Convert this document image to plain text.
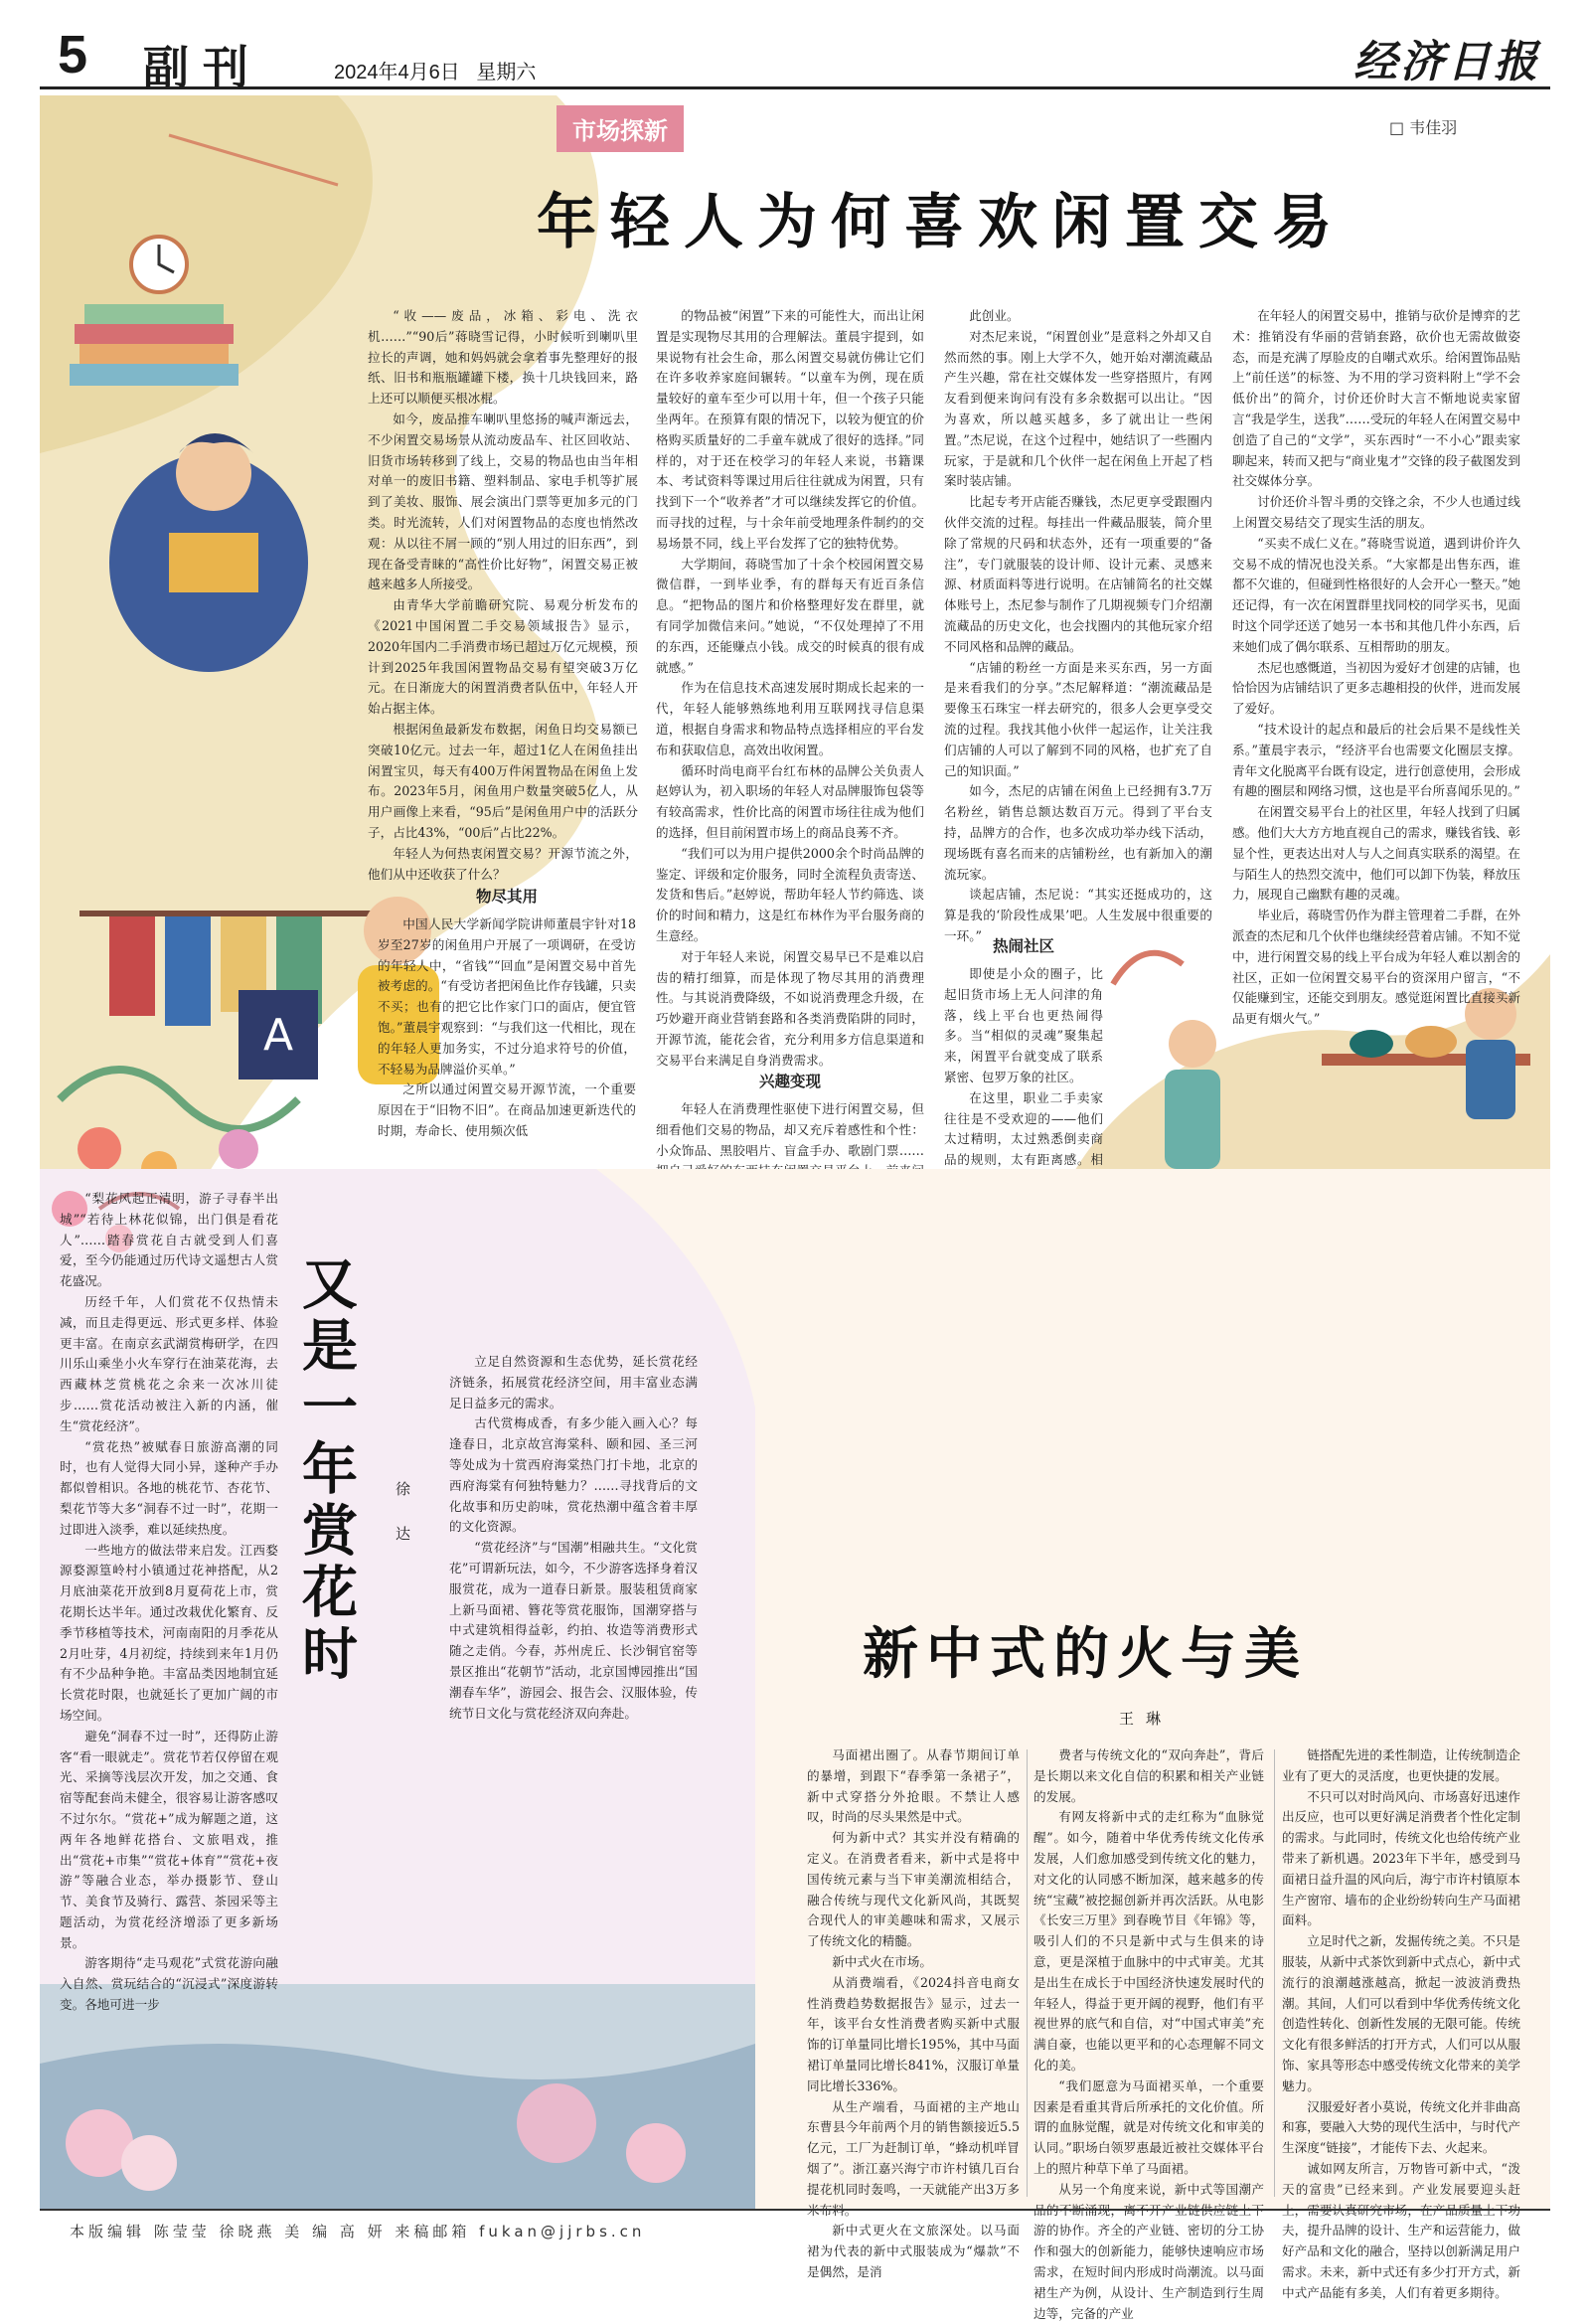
5 副刊	2024年4月6日 星期六	经济日报
A
市场探新	□ 韦佳羽
年轻人为何喜欢闲置交易

“收——废品，冰箱、彩电、洗衣机……”“90后”蒋晓雪记得，小时候听到喇叭里拉长的声调，她和妈妈就会拿着事先整理好的报纸、旧书和瓶瓶罐罐下楼，换十几块钱回来，路上还可以顺便买根冰棍。

如今，废品推车喇叭里悠扬的喊声渐远去，不少闲置交易场景从流动废品车、社区回收站、旧货市场转移到了线上，交易的物品也由当年相对单一的废旧书籍、塑料制品、家电手机等扩展到了美妆、服饰、展会演出门票等更加多元的门类。时光流转，人们对闲置物品的态度也悄然改观：从以往不屑一顾的“别人用过的旧东西”，到现在备受青睐的“高性价比好物”，闲置交易正被越来越多人所接受。

由青华大学前瞻研究院、易观分析发布的《2021中国闲置二手交易领域报告》显示，2020年国内二手消费市场已超过万亿元规模，预计到2025年我国闲置物品交易有望突破3万亿元。在日渐庞大的闲置消费者队伍中，年轻人开始占据主体。

根据闲鱼最新发布数据，闲鱼日均交易额已突破10亿元。过去一年，超过1亿人在闲鱼挂出闲置宝贝，每天有400万件闲置物品在闲鱼上发布。2023年5月，闲鱼用户数量突破5亿人，从用户画像上来看，“95后”是闲鱼用户中的活跃分子，占比43%，“00后”占比22%。

年轻人为何热衷闲置交易？开源节流之外，他们从中还收获了什么？

物尽其用

中国人民大学新闻学院讲师董晨宇针对18岁至27岁的闲鱼用户开展了一项调研，在受访的年轻人中，“省钱”“回血”是闲置交易中首先被考虑的。“有受访者把闲鱼比作存钱罐，只卖不买；也有的把它比作家门口的面店，便宜管饱。”董晨宇观察到：“与我们这一代相比，现在的年轻人更加务实，不过分追求符号的价值，不轻易为品牌溢价买单。”

之所以通过闲置交易开源节流，一个重要原因在于“旧物不旧”。在商品加速更新迭代的时期，寿命长、使用频次低

的物品被“闲置”下来的可能性大，而出让闲置是实现物尽其用的合理解法。董晨宇提到，如果说物有社会生命，那么闲置交易就仿佛让它们在许多收养家庭间辗转。“以童车为例，现在质量较好的童车至少可以用十年，但一个孩子只能坐两年。在预算有限的情况下，以较为便宜的价格购买质量好的二手童车就成了很好的选择。”同样的，对于还在校学习的年轻人来说，书籍课本、考试资料等课过用后往往就成为闲置，只有找到下一个“收养者”才可以继续发挥它的价值。而寻找的过程，与十余年前受地理条件制约的交易场景不同，线上平台发挥了它的独特优势。

大学期间，蒋晓雪加了十余个校园闲置交易微信群，一到毕业季，有的群每天有近百条信息。“把物品的图片和价格整理好发在群里，就有同学加微信来问。”她说，“不仅处理掉了不用的东西，还能赚点小钱。成交的时候真的很有成就感。”

作为在信息技术高速发展时期成长起来的一代，年轻人能够熟练地利用互联网找寻信息渠道，根据自身需求和物品特点选择相应的平台发布和获取信息，高效出收闲置。

循环时尚电商平台红布林的品牌公关负责人赵婷认为，初入职场的年轻人对品牌服饰包袋等有较高需求，性价比高的闲置市场往往成为他们的选择，但目前闲置市场上的商品良莠不齐。

“我们可以为用户提供2000余个时尚品牌的鉴定、评级和定价服务，同时全流程负责寄送、发货和售后。”赵婷说，帮助年轻人节约筛选、谈价的时间和精力，这是红布林作为平台服务商的生意经。

对于年轻人来说，闲置交易早已不是难以启齿的精打细算，而是体现了物尽其用的消费理性。与其说消费降级，不如说消费理念升级，在巧妙避开商业营销套路和各类消费陷阱的同时，开源节流，能花会省，充分利用多方信息渠道和交易平台来满足自身消费需求。

兴趣变现

年轻人在消费理性驱使下进行闲置交易，但细看他们交易的物品，却又充斥着感性和个性：小众饰品、黑胶唱片、盲盒手办、歌剧门票……

此创业。

对杰尼来说，“闲置创业”是意料之外却又自然而然的事。刚上大学不久，她开始对潮流藏品产生兴趣，常在社交媒体发一些穿搭照片，有网友看到便来询问有没有多余数据可以出让。“因为喜欢，所以越买越多，多了就出让一些闲置。”杰尼说，在这个过程中，她结识了一些圈内玩家，于是就和几个伙伴一起在闲鱼上开起了档案时装店铺。

比起专考开店能否赚钱，杰尼更享受跟圈内伙伴交流的过程。每挂出一件藏品服装，简介里除了常规的尺码和状态外，还有一项重要的“备注”，专门就服装的设计师、设计元素、灵感来源、材质面料等进行说明。在店铺简名的社交媒体账号上，杰尼参与制作了几期视频专门介绍潮流藏品的历史文化，也会找圈内的其他玩家介绍不同风格和品牌的藏品。

“店铺的粉丝一方面是来买东西，另一方面是来看我们的分享。”杰尼解释道：“潮流藏品是要像玉石珠宝一样去研究的，很多人会更享受交流的过程。我找其他小伙伴一起运作，让关注我们店铺的人可以了解到不同的风格，也扩充了自己的知识面。”

如今，杰尼的店铺在闲鱼上已经拥有3.7万名粉丝，销售总额达数百万元。得到了平台支持，品牌方的合作，也多次成功举办线下活动，现场既有喜名而来的店铺粉丝，也有新加入的潮流玩家。

谈起店铺，杰尼说：“其实还挺成功的，这算是我的‘阶段性成果’吧。人生发展中很重要的一环。”

热闹社区

即使是小众的圈子，比起旧货市场上无人问津的角落，线上平台也更热闹得多。当“相似的灵魂”聚集起来，闲置平台就变成了联系紧密、包罗万象的社区。

在这里，职业二手卖家往往是不受欢迎的——他们太过精明，太过熟悉倒卖商品的规则，太有距离感。相

在年轻人的闲置交易中，推销与砍价是博弈的艺术：推销没有华丽的营销套路，砍价也无需故做姿态，而是充满了厚脸皮的自嘲式欢乐。给闲置饰品贴上“前任送”的标签、为不用的学习资料附上“学不会低价出”的简介，讨价还价时大言不惭地说卖家留言“我是学生，送我”……受玩的年轻人在闲置交易中创造了自己的“文学”，买东西时“一不小心”跟卖家聊起来，转而又把与“商业鬼才”交锋的段子截图发到社交媒体分享。

讨价还价斗智斗勇的交锋之余，不少人也通过线上闲置交易结交了现实生活的朋友。

“买卖不成仁义在。”蒋晓雪说道，遇到讲价许久交易不成的情况也没关系。“大家都是出售东西，谁都不欠谁的，但碰到性格很好的人会开心一整天。”她还记得，有一次在闲置群里找同校的同学买书，见面时这个同学还送了她另一本书和其他几件小东西，后来她们成了偶尔联系、互相帮助的朋友。

杰尼也感慨道，当初因为爱好才创建的店铺，也恰恰因为店铺结识了更多志趣相投的伙伴，进而发展了爱好。

“技术设计的起点和最后的社会后果不是线性关系。”董晨宇表示，“经济平台也需要文化圈层支撑。青年文化脱离平台既有设定，进行创意使用，会形成有趣的圈层和网络习惯，这也是平台所喜闻乐见的。”

在闲置交易平台上的社区里，年轻人找到了归属感。他们大大方方地直视自己的需求，赚钱省钱、彰显个性，更表达出对人与人之间真实联系的渴望。在与陌生人的热烈交流中，他们可以卸下伪装，释放压力，展现自己幽默有趣的灵魂。

毕业后，蒋晓雪仍作为群主管理着二手群，在外派查的杰尼和几个伙伴也继续经营着店铺。不知不觉中，进行闲置交易的线上平台成为年轻人难以割舍的社区，正如一位闲置交易平台的资深用户留言，“不仅能赚到宝，还能交到朋友。感觉逛闲置比直接买新品更有烟火气。”

又是一年赏花时	徐达

“梨花风起正清明，游子寻春半出城”“若待上林花似锦，出门俱是看花人”……踏春赏花自古就受到人们喜爱，至今仍能通过历代诗文遥想古人赏花盛况。

历经千年，人们赏花不仅热情未减，而且走得更远、形式更多样、体验更丰富。在南京玄武湖赏梅研学，在四川乐山乘坐小火车穿行在油菜花海，去西藏林芝赏桃花之余来一次冰川徒步……赏花活动被注入新的内涵，催生“赏花经济”。

“赏花热”被赋春日旅游高潮的同时，也有人觉得大同小异，遂种产手办都似曾相识。各地的桃花节、杏花节、梨花节等大多“洞春不过一时”，花期一过即进入淡季，难以延续热度。

一些地方的做法带来启发。江西婺源婺源篁岭村小镇通过花神搭配，从2月底油菜花开放到8月夏荷花上市，赏花期长达半年。通过改栽优化繁育、反季节移植等技术，河南南阳的月季花从2月吐芽，4月初绽，持续到来年1月仍有不少品种争艳。丰富品类因地制宜延长赏花时限，也就延长了更加广阔的市场空间。

避免“洞春不过一时”，还得防止游客“看一眼就走”。赏花节若仅停留在观光、采摘等浅层次开发，加之交通、食宿等配套尚未健全，很容易让游客感叹不过尔尔。“赏花+”成为解题之道，这两年各地鲜花搭台、文旅唱戏，推出“赏花+市集”“赏花+体育”“赏花+夜游”等融合业态，举办摄影节、登山节、美食节及骑行、露营、茶园采等主题活动，为赏花经济增添了更多新场景。

游客期待“走马观花”式赏花游向融入自然、赏玩结合的“沉浸式”深度游转变。各地可进一步

立足自然资源和生态优势，延长赏花经济链条，拓展赏花经济空间，用丰富业态满足日益多元的需求。

古代赏梅成香，有多少能入画入心？每逢春日，北京故宫海棠科、颐和园、圣三河等处成为十赏西府海棠热门打卡地，北京的西府海棠有何独特魅力？……寻找背后的文化故事和历史韵味，赏花热潮中蕴含着丰厚的文化资源。

“赏花经济”与“国潮”相融共生。“文化赏花”可谓新玩法，如今，不少游客选择身着汉服赏花，成为一道春日新景。服装租赁商家上新马面裙、簪花等赏花服饰，国潮穿搭与中式建筑相得益彰，约拍、妆造等消费形式随之走俏。今春，苏州虎丘、长沙铜官窑等景区推出“花朝节”活动，北京国博园推出“国潮春车华”，游园会、报告会、汉服体验，传统节日文化与赏花经济双向奔赴。

新中式的火与美
王琳

马面裙出圈了。从春节期间订单的暴增，到跟下“春季第一条裙子”，新中式穿搭分外抢眼。不禁让人感叹，时尚的尽头果然是中式。

何为新中式？其实并没有精确的定义。在消费者看来，新中式是将中国传统元素与当下审美潮流相结合，融合传统与现代文化新风尚，其既契合现代人的审美趣味和需求，又展示了传统文化的精髓。

新中式火在市场。

从消费端看，《2024抖音电商女性消费趋势数据报告》显示，过去一年，该平台女性消费者购买新中式服饰的订单量同比增长195%，其中马面裙订单量同比增长841%，汉服订单量同比增长336%。

从生产端看，马面裙的主产地山东曹县今年前两个月的销售额接近5.5亿元，工厂为赶制订单，“蜂动机咩冒烟了”。浙江嘉兴海宁市许村镇几百台提花机同时轰鸣，一天就能产出3万多米布料。

新中式更火在文旅深处。以马面裙为代表的新中式服装成为“爆款”不是偶然，是消

费者与传统文化的“双向奔赴”，背后是长期以来文化自信的积累和相关产业链的发展。

有网友将新中式的走红称为“血脉觉醒”。如今，随着中华优秀传统文化传承发展，人们愈加感受到传统文化的魅力，对文化的认同感不断加深，越来越多的传统“宝藏”被挖掘创新并再次活跃。从电影《长安三万里》到春晚节目《年锦》等，吸引人们的不只是新中式与生俱来的诗意，更是深植于血脉中的中式审美。尤其是出生在成长于中国经济快速发展时代的年轻人，得益于更开阔的视野，他们有平视世界的底气和自信，对“中国式审美”充满自豪，也能以更平和的心态理解不同文化的美。

“我们愿意为马面裙买单，一个重要因素是看重其背后所承托的文化价值。所谓的血脉觉醒，就是对传统文化和审美的认同。”职场白领罗惠最近被社交媒体平台上的照片种草下单了马面裙。

从另一个角度来说，新中式等国潮产品的不断涌现，离不开产业链供应链上下游的协作。齐全的产业链、密切的分工协作和强大的创新能力，能够快速响应市场需求，在短时间内形成时尚潮流。以马面裙生产为例，从设计、生产制造到行生周边等，完备的产业

链搭配先进的柔性制造，让传统制造企业有了更大的灵活度，也更快捷的发展。

不只可以对时尚风向、市场喜好迅速作出反应，也可以更好满足消费者个性化定制的需求。与此同时，传统文化也给传统产业带来了新机遇。2023年下半年，感受到马面裙日益升温的风向后，海宁市许村镇原本生产窗帘、墙布的企业纷纷转向生产马面裙面料。

立足时代之新，发掘传统之美。不只是服装，从新中式茶饮到新中式点心，新中式流行的浪潮越涨越高，掀起一波波消费热潮。其间，人们可以看到中华优秀传统文化创造性转化、创新性发展的无限可能。传统文化有很多鲜活的打开方式，人们可以从服饰、家具等形态中感受传统文化带来的美学魅力。

汉服爱好者小莫说，传统文化并非曲高和寡，要融入大势的现代生活中，与时代产生深度“链接”，才能传下去、火起来。

诚如网友所言，万物皆可新中式，“泼天的富贵”已经来到。产业发展要迎头赶上，需要认真研究市场，在产品质量上下功夫，提升品牌的设计、生产和运营能力，做好产品和文化的融合，坚持以创新满足用户需求。未来，新中式还有多少打开方式，新中式产品能有多美，人们有着更多期待。

本版编辑 陈莹莹 徐晓燕 美 编 高 妍 来稿邮箱 fukan@jjrbs.cn
